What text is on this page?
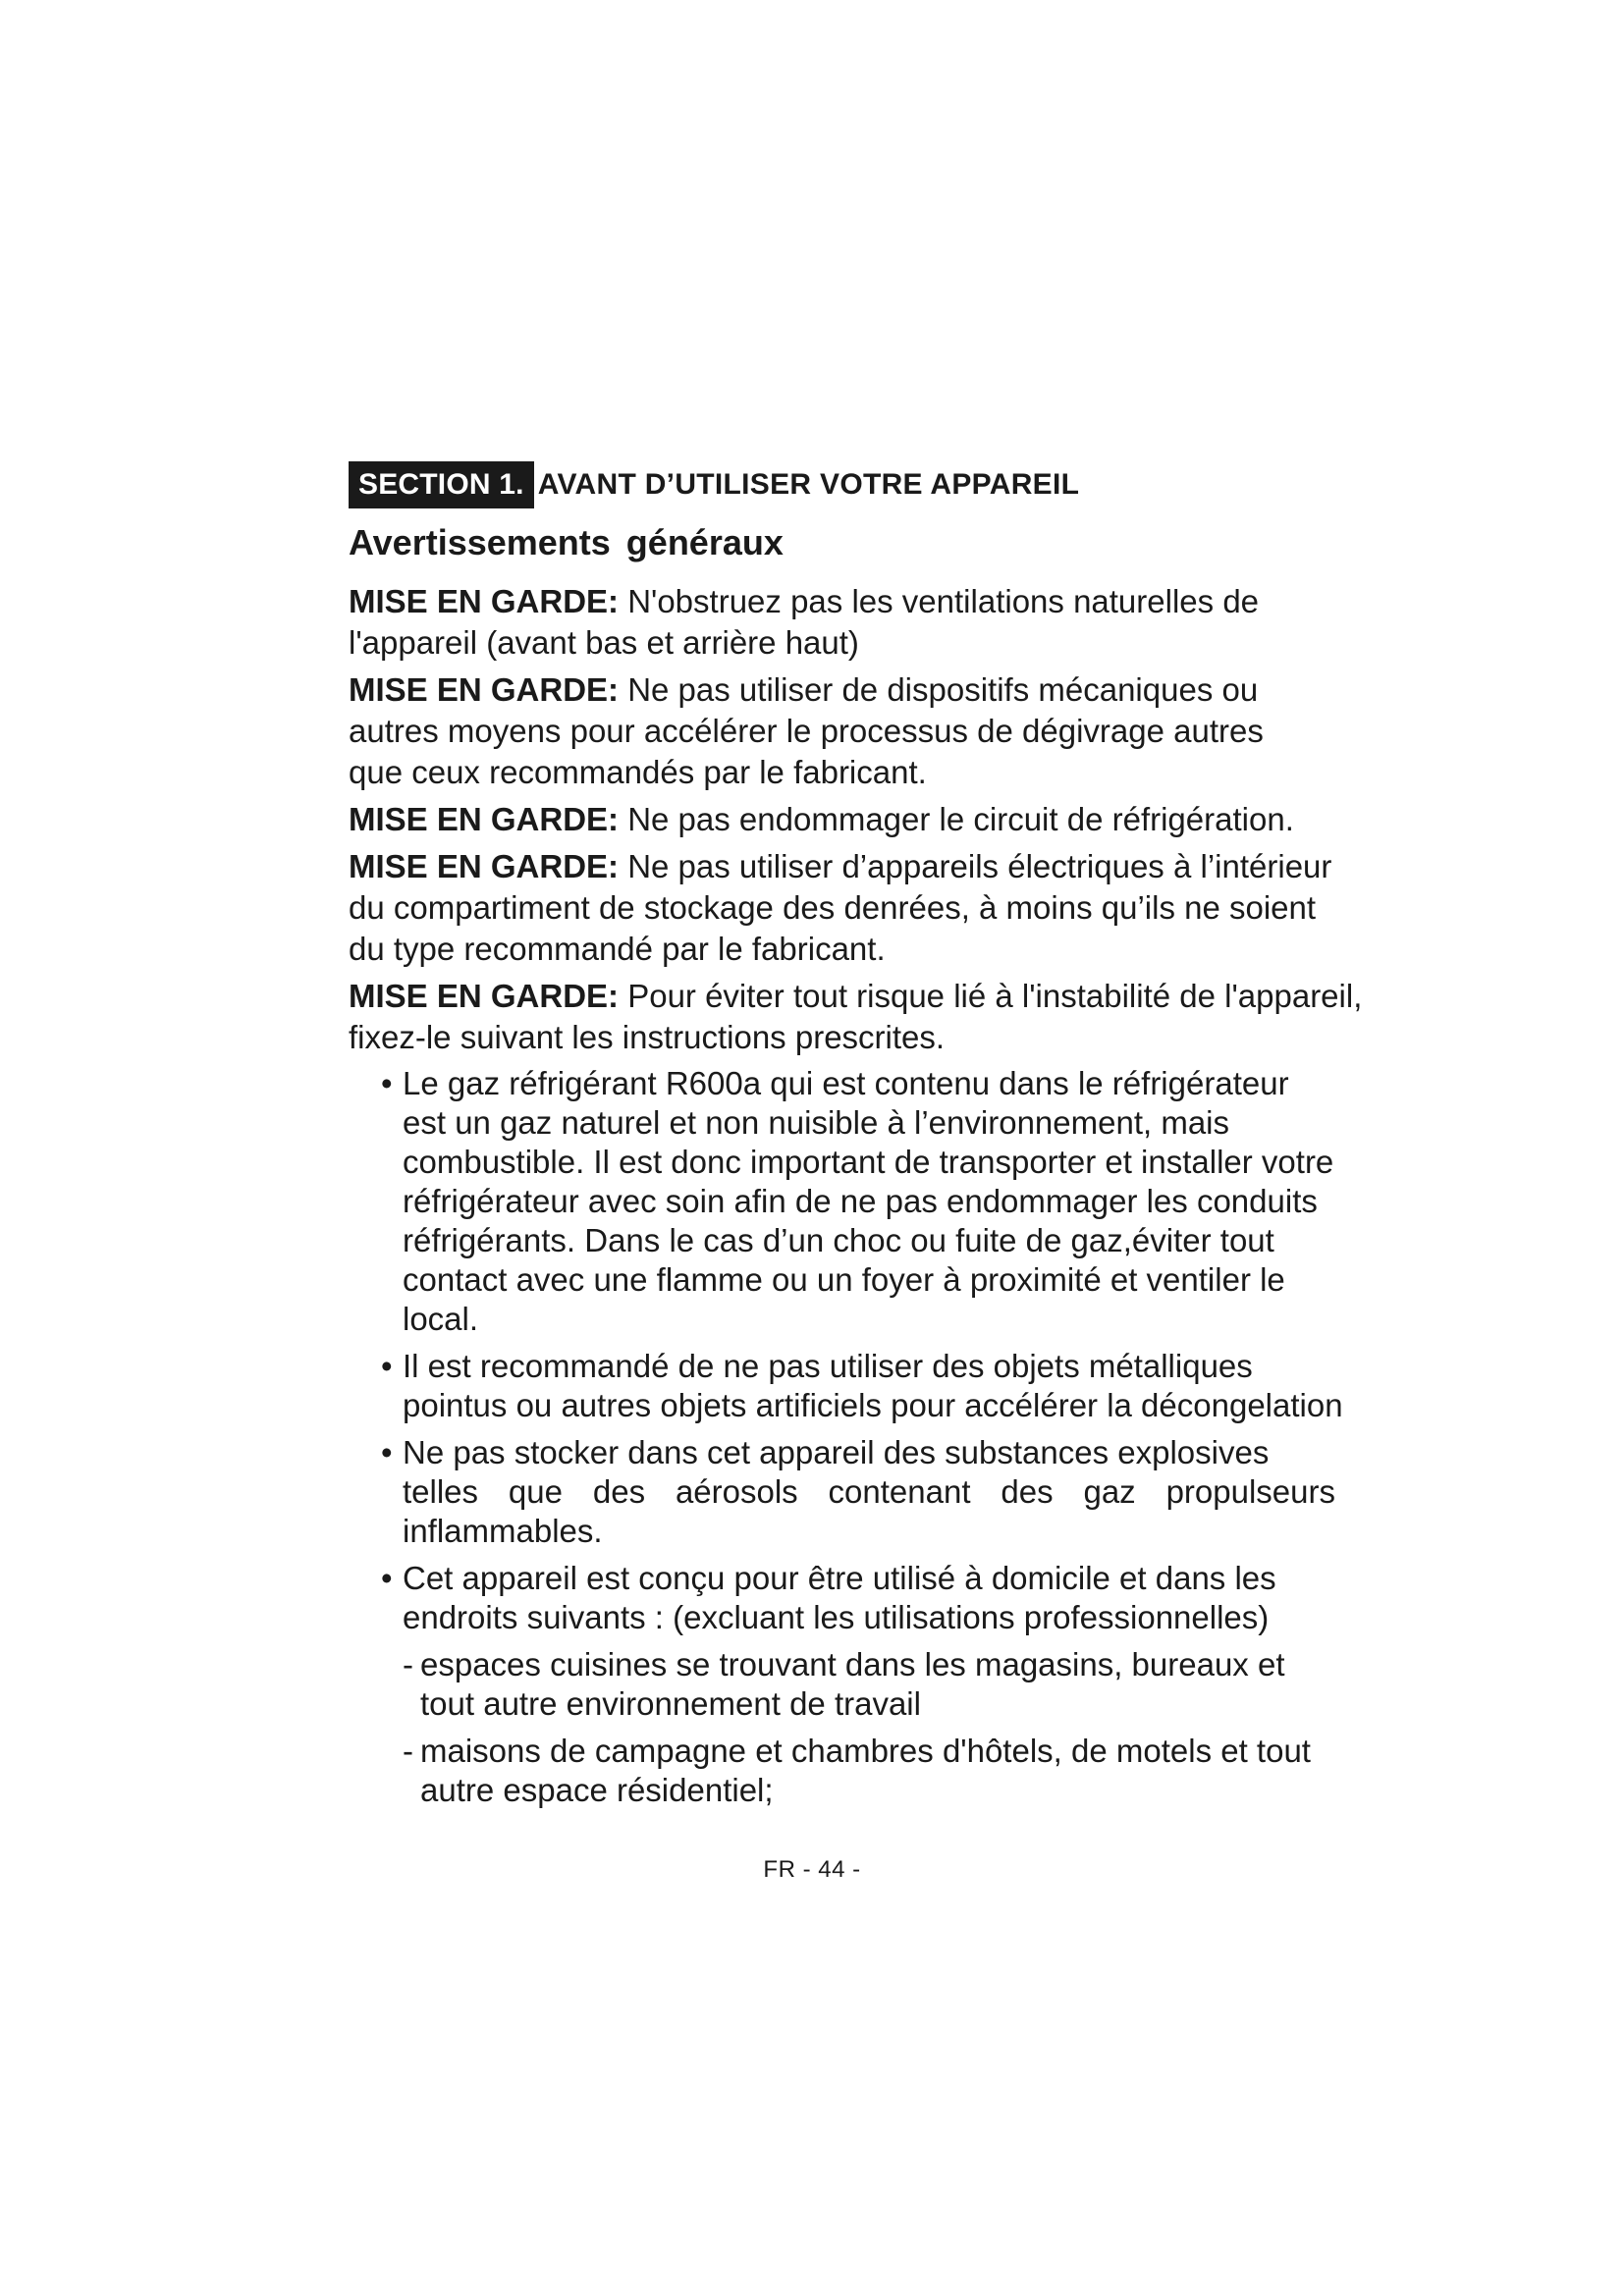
SECTION 1. AVANT D’UTILISER VOTRE APPAREIL
Avertissements généraux
MISE EN GARDE: N'obstruez pas les ventilations naturelles de
l'appareil (avant bas et arrière haut)
MISE EN GARDE: Ne pas utiliser de dispositifs mécaniques ou
autres moyens pour accélérer le processus de dégivrage autres
que ceux recommandés par le fabricant.
MISE EN GARDE: Ne pas endommager le circuit de réfrigération.
MISE EN GARDE: Ne pas utiliser d’appareils électriques à l’intérieur
du compartiment de stockage des denrées, à moins qu’ils ne soient
du type recommandé par le fabricant.
MISE EN GARDE: Pour éviter tout risque lié à l'instabilité de l'appareil,
fixez-le suivant les instructions prescrites.
• Le gaz réfrigérant R600a qui est contenu dans le réfrigérateur
est un gaz naturel et non nuisible à l’environnement, mais
combustible. Il est donc important de transporter et installer votre
réfrigérateur avec soin afin de ne pas endommager les conduits
réfrigérants. Dans le cas d’un choc ou fuite de gaz,éviter tout
contact avec une flamme ou un foyer à proximité et ventiler le
local.
• Il est recommandé de ne pas utiliser des objets métalliques
pointus ou autres objets artificiels pour accélérer la décongelation
• Ne pas stocker dans cet appareil des substances explosives
telles que des aérosols contenant des gaz propulseurs
inflammables.
• Cet appareil est conçu pour être utilisé à domicile et dans les
endroits suivants : (excluant les utilisations professionnelles)
- espaces cuisines se trouvant dans les magasins, bureaux et
tout autre environnement de travail
- maisons de campagne et chambres d'hôtels, de motels et tout
autre espace résidentiel;
FR - 44 -
